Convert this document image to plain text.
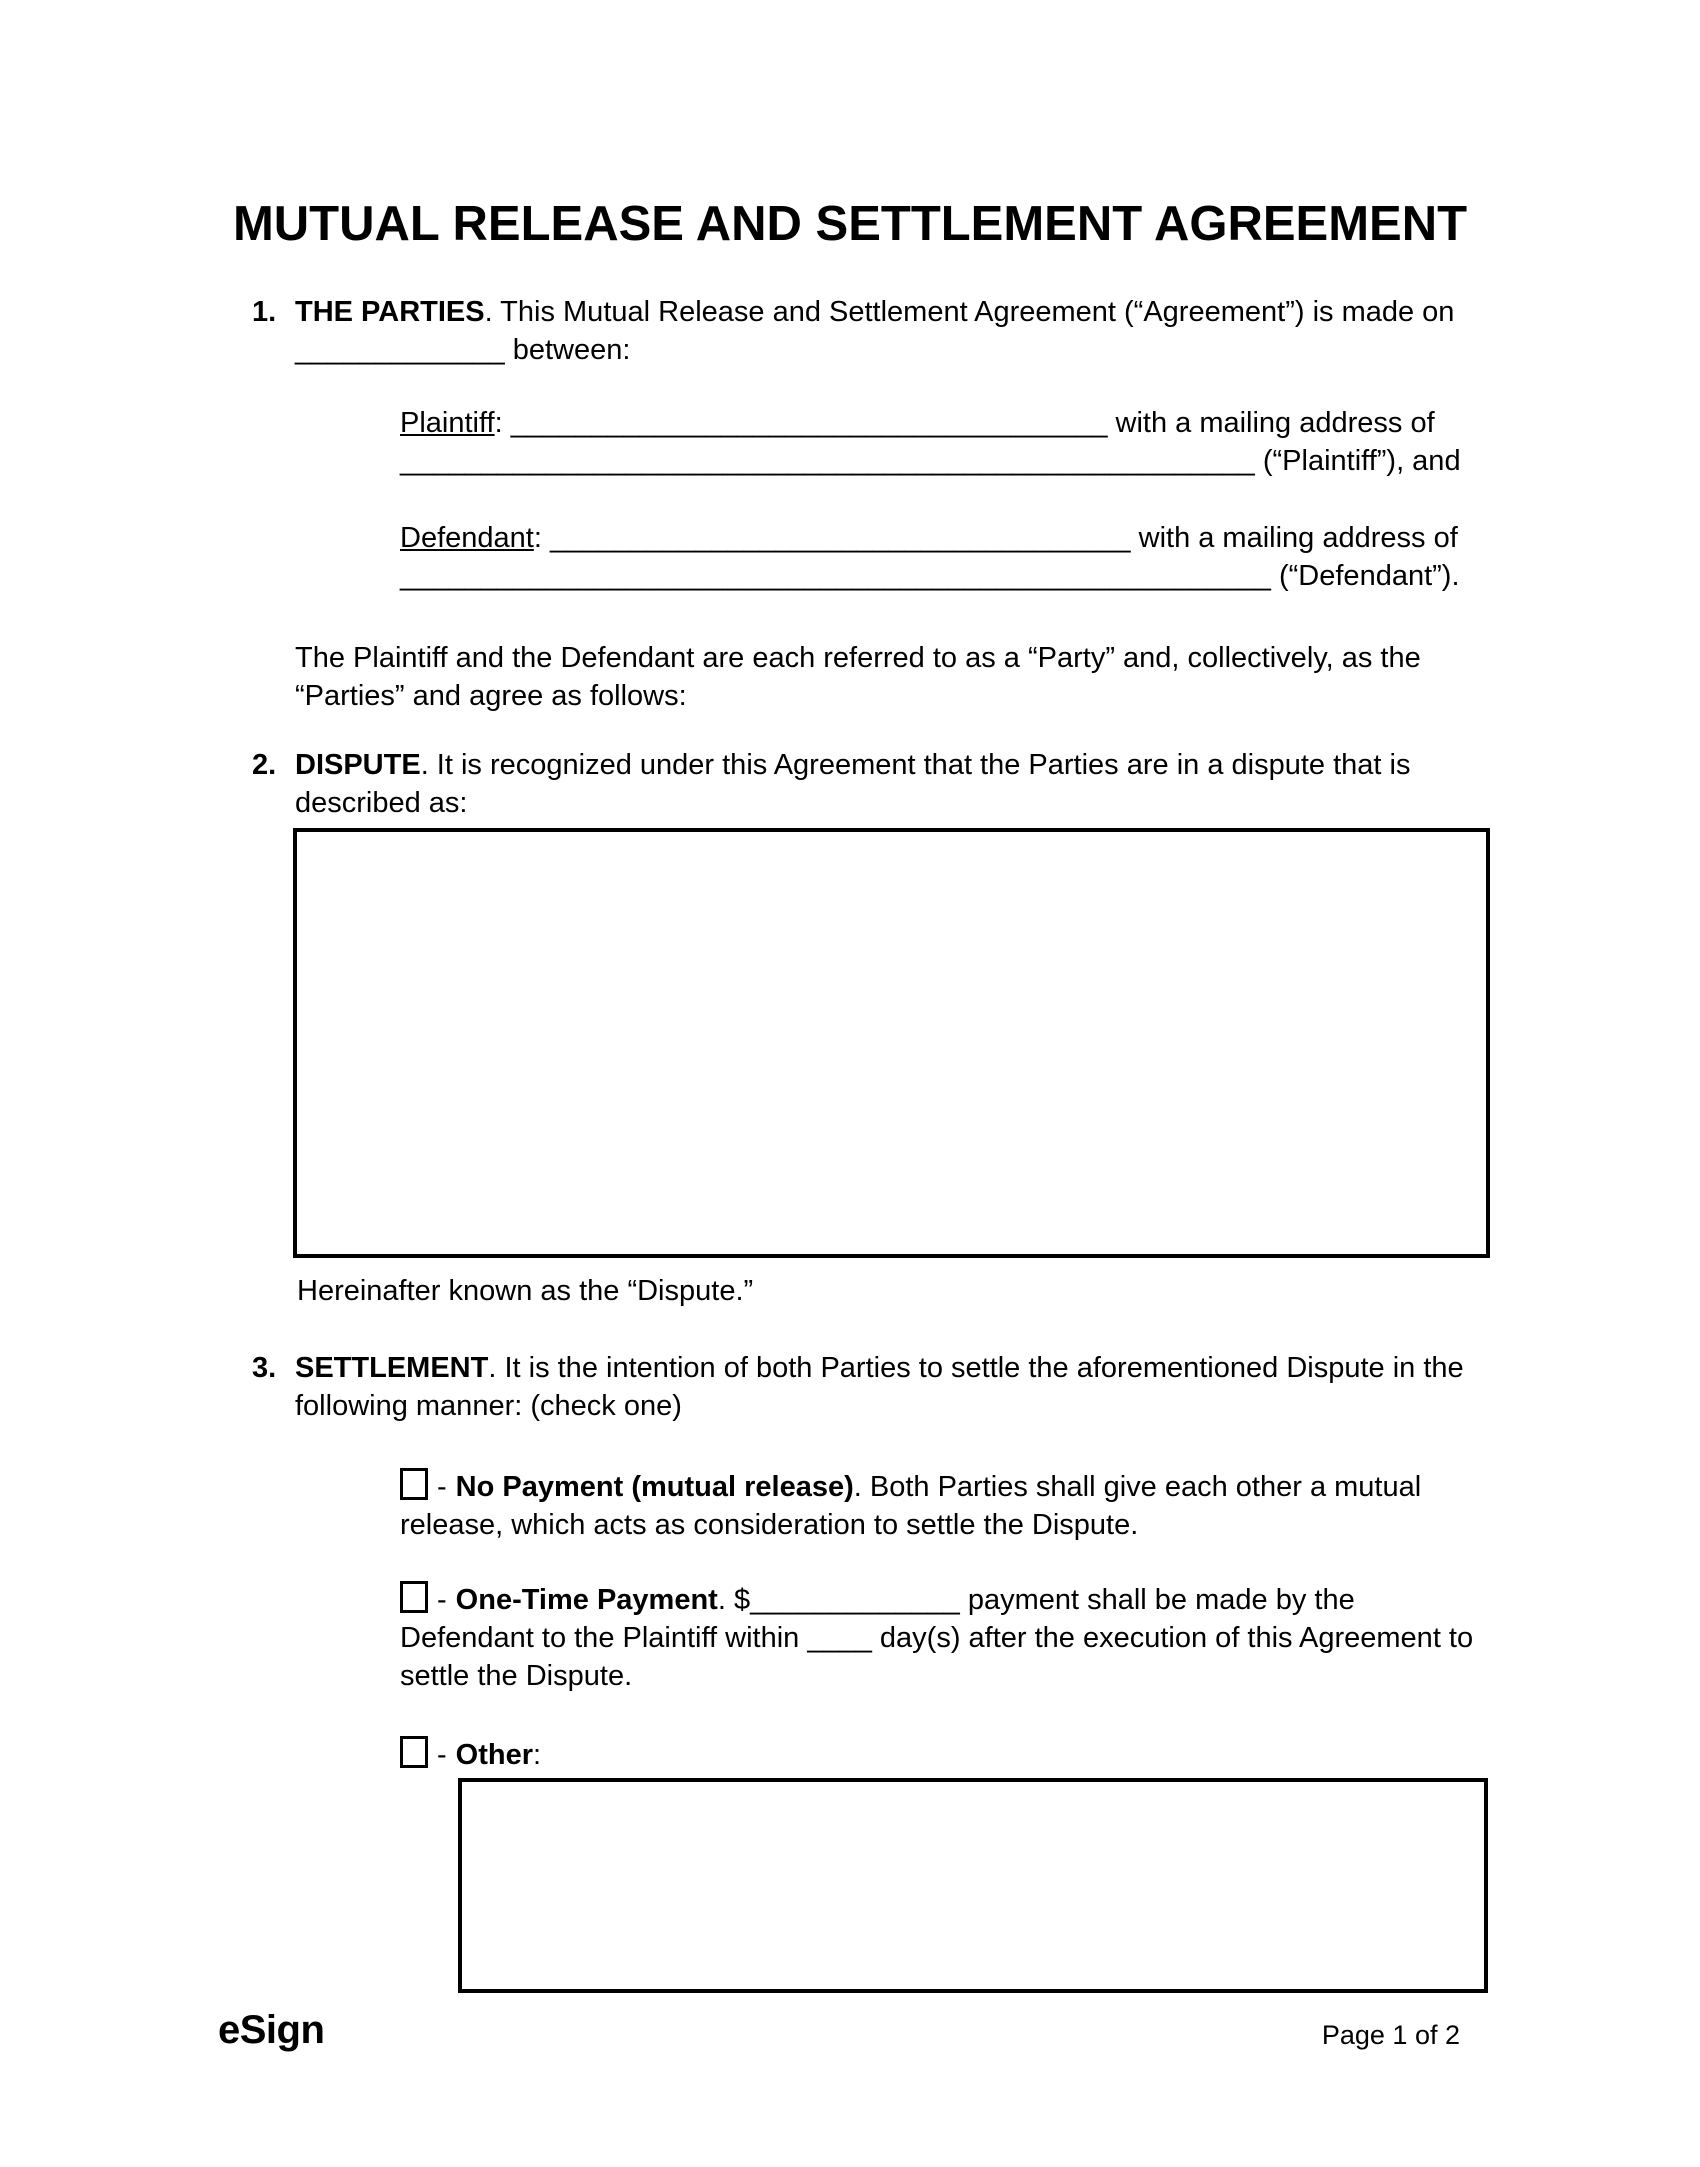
MUTUAL RELEASE AND SETTLEMENT AGREEMENT
1. THE PARTIES. This Mutual Release and Settlement Agreement (“Agreement”) is made on _____________ between:
Plaintiff: _____________________________________ with a mailing address of
_____________________________________________________ (“Plaintiff”), and
Defendant: ____________________________________ with a mailing address of
______________________________________________________ (“Defendant”).
The Plaintiff and the Defendant are each referred to as a “Party” and, collectively, as the “Parties” and agree as follows:
2. DISPUTE. It is recognized under this Agreement that the Parties are in a dispute that is described as:
Hereinafter known as the “Dispute.”
3. SETTLEMENT. It is the intention of both Parties to settle the aforementioned Dispute in the following manner: (check one)
- No Payment (mutual release). Both Parties shall give each other a mutual release, which acts as consideration to settle the Dispute.
- One-Time Payment. $_____________ payment shall be made by the Defendant to the Plaintiff within ____ day(s) after the execution of this Agreement to settle the Dispute.
- Other:
eSign	Page 1 of 2
